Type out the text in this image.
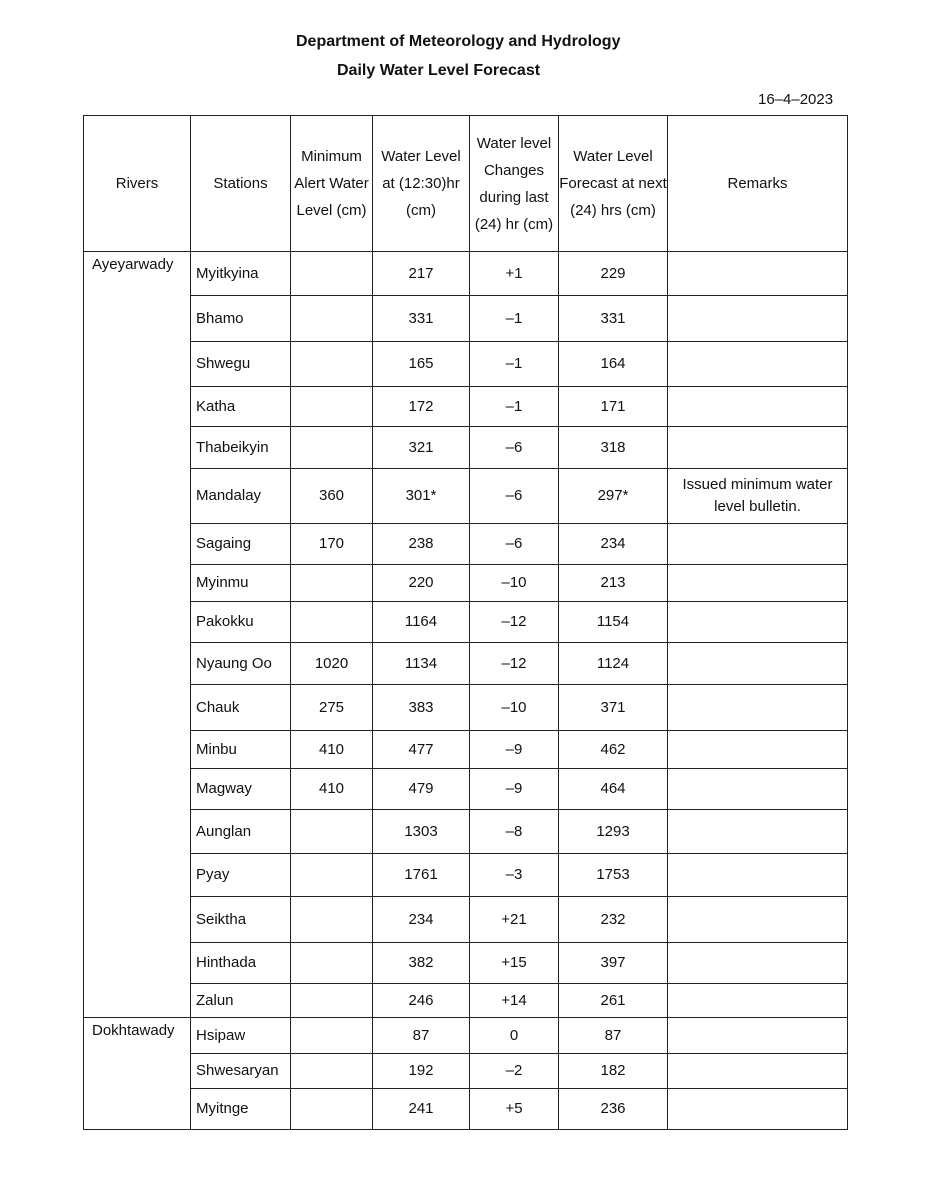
Department of Meteorology and Hydrology
Daily Water Level Forecast
16–4–2023
Rivers	Stations	Minimum Alert Water Level (cm)	Water Level at (12:30)hr (cm)	Water level Changes during last (24) hr (cm)	Water Level Forecast at next (24) hrs (cm)	Remarks
Ayeyarwady	Myitkyina		217	+1	229	
	Bhamo		331	–1	331	
	Shwegu		165	–1	164	
	Katha		172	–1	171	
	Thabeikyin		321	–6	318	
	Mandalay	360	301*	–6	297*	Issued minimum water level bulletin.
	Sagaing	170	238	–6	234	
	Myinmu		220	–10	213	
	Pakokku		1164	–12	1154	
	Nyaung Oo	1020	1134	–12	1124	
	Chauk	275	383	–10	371	
	Minbu	410	477	–9	462	
	Magway	410	479	–9	464	
	Aunglan		1303	–8	1293	
	Pyay		1761	–3	1753	
	Seiktha		234	+21	232	
	Hinthada		382	+15	397	
	Zalun		246	+14	261	
Dokhtawady	Hsipaw		87	0	87	
	Shwesaryan		192	–2	182	
	Myitnge		241	+5	236	
